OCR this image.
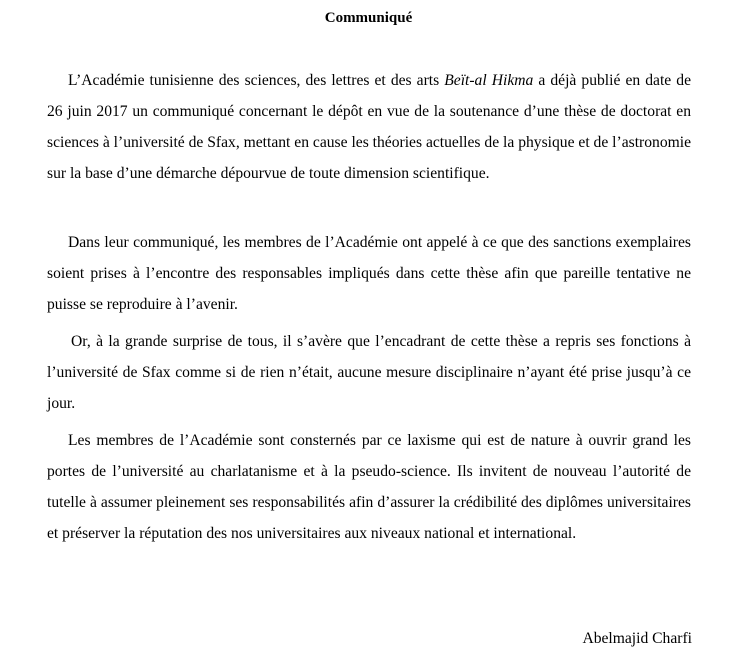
Communiqué

L’Académie tunisienne des sciences, des lettres et des arts Beït-al Hikma a déjà publié en date de 26 juin 2017 un communiqué concernant le dépôt en vue de la soutenance d’une thèse de doctorat en sciences à l’université de Sfax, mettant en cause les théories actuelles de la physique et de l’astronomie sur la base d’une démarche dépourvue de toute dimension scientifique.

Dans leur communiqué, les membres de l’Académie ont appelé à ce que des sanctions exemplaires soient prises à l’encontre des responsables impliqués dans cette thèse afin que pareille tentative ne puisse se reproduire à l’avenir.

Or, à la grande surprise de tous, il s’avère que l’encadrant de cette thèse a repris ses fonctions à l’université de Sfax comme si de rien n’était, aucune mesure disciplinaire n’ayant été prise jusqu’à ce jour.

Les membres de l’Académie sont consternés par ce laxisme qui est de nature à ouvrir grand les portes de l’université au charlatanisme et à la pseudo-science. Ils invitent de nouveau l’autorité de tutelle à assumer pleinement ses responsabilités afin d’assurer la crédibilité des diplômes universitaires et préserver la réputation des nos universitaires aux niveaux national et international.

Abelmajid Charfi
